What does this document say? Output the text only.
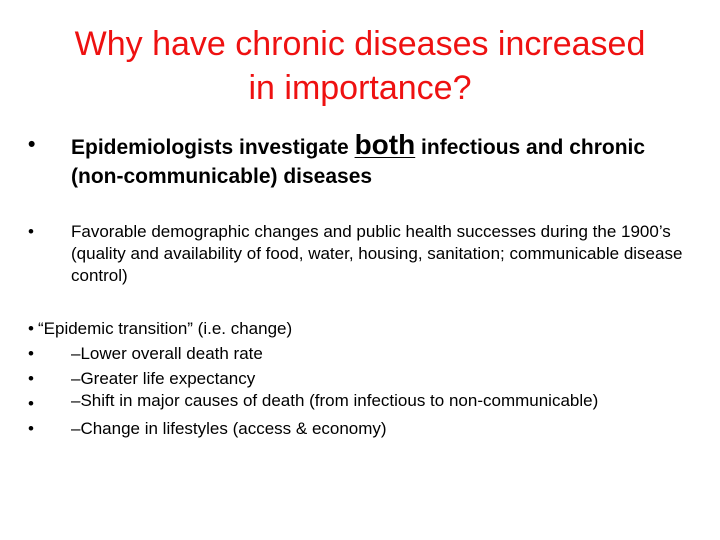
Why have chronic diseases increased
in importance?
•	Epidemiologists investigate both infectious and chronic (non-communicable) diseases
•	Favorable demographic changes and public health successes during the 1900’s (quality and availability of food, water, housing, sanitation; communicable disease control)
• “Epidemic transition” (i.e. change)
•	–Lower overall death rate
•	–Greater life expectancy
•	–Shift in major causes of death (from infectious to non-communicable)
•	–Change in lifestyles (access & economy)
